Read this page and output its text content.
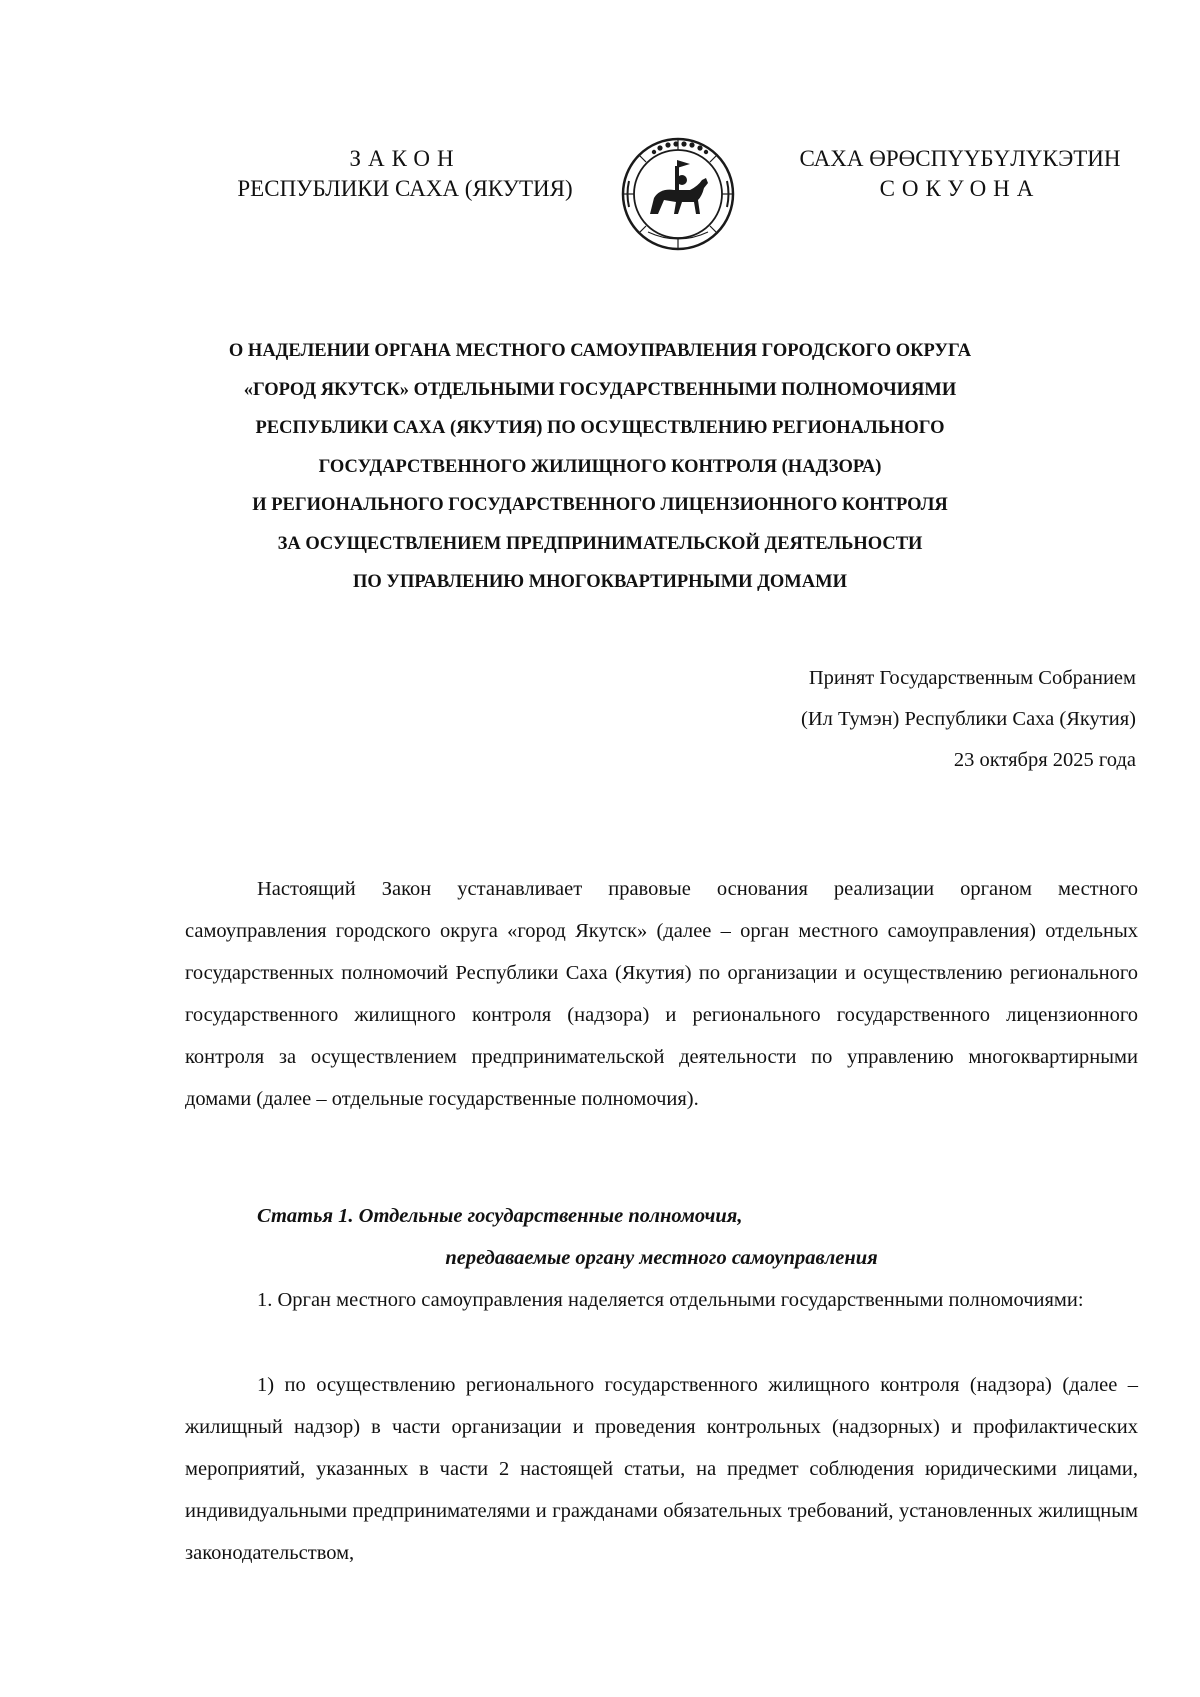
ЗАКОН
РЕСПУБЛИКИ САХА (ЯКУТИЯ)
САХА ӨРӨСПҮҮБҮЛҮКЭТИН
СОКУОНА
О НАДЕЛЕНИИ ОРГАНА МЕСТНОГО САМОУПРАВЛЕНИЯ ГОРОДСКОГО ОКРУГА
«ГОРОД ЯКУТСК» ОТДЕЛЬНЫМИ ГОСУДАРСТВЕННЫМИ ПОЛНОМОЧИЯМИ
РЕСПУБЛИКИ САХА (ЯКУТИЯ) ПО ОСУЩЕСТВЛЕНИЮ РЕГИОНАЛЬНОГО
ГОСУДАРСТВЕННОГО ЖИЛИЩНОГО КОНТРОЛЯ (НАДЗОРА)
И РЕГИОНАЛЬНОГО ГОСУДАРСТВЕННОГО ЛИЦЕНЗИОННОГО КОНТРОЛЯ
ЗА ОСУЩЕСТВЛЕНИЕМ ПРЕДПРИНИМАТЕЛЬСКОЙ ДЕЯТЕЛЬНОСТИ
ПО УПРАВЛЕНИЮ МНОГОКВАРТИРНЫМИ ДОМАМИ
Принят Государственным Собранием
(Ил Тумэн) Республики Саха (Якутия)
23 октября 2025 года
Настоящий Закон устанавливает правовые основания реализации органом местного самоуправления городского округа «город Якутск» (далее – орган местного самоуправления) отдельных государственных полномочий Республики Саха (Якутия) по организации и осуществлению регионального государственного жилищного контроля (надзора) и регионального государственного лицензионного контроля за осуществлением предпринимательской деятельности по управлению многоквартирными домами (далее – отдельные государственные полномочия).
Статья 1. Отдельные государственные полномочия,
передаваемые органу местного самоуправления
1. Орган местного самоуправления наделяется отдельными государственными полномочиями:
1) по осуществлению регионального государственного жилищного контроля (надзора) (далее – жилищный надзор) в части организации и проведения контрольных (надзорных) и профилактических мероприятий, указанных в части 2 настоящей статьи, на предмет соблюдения юридическими лицами, индивидуальными предпринимателями и гражданами обязательных требований, установленных жилищным законодательством,
